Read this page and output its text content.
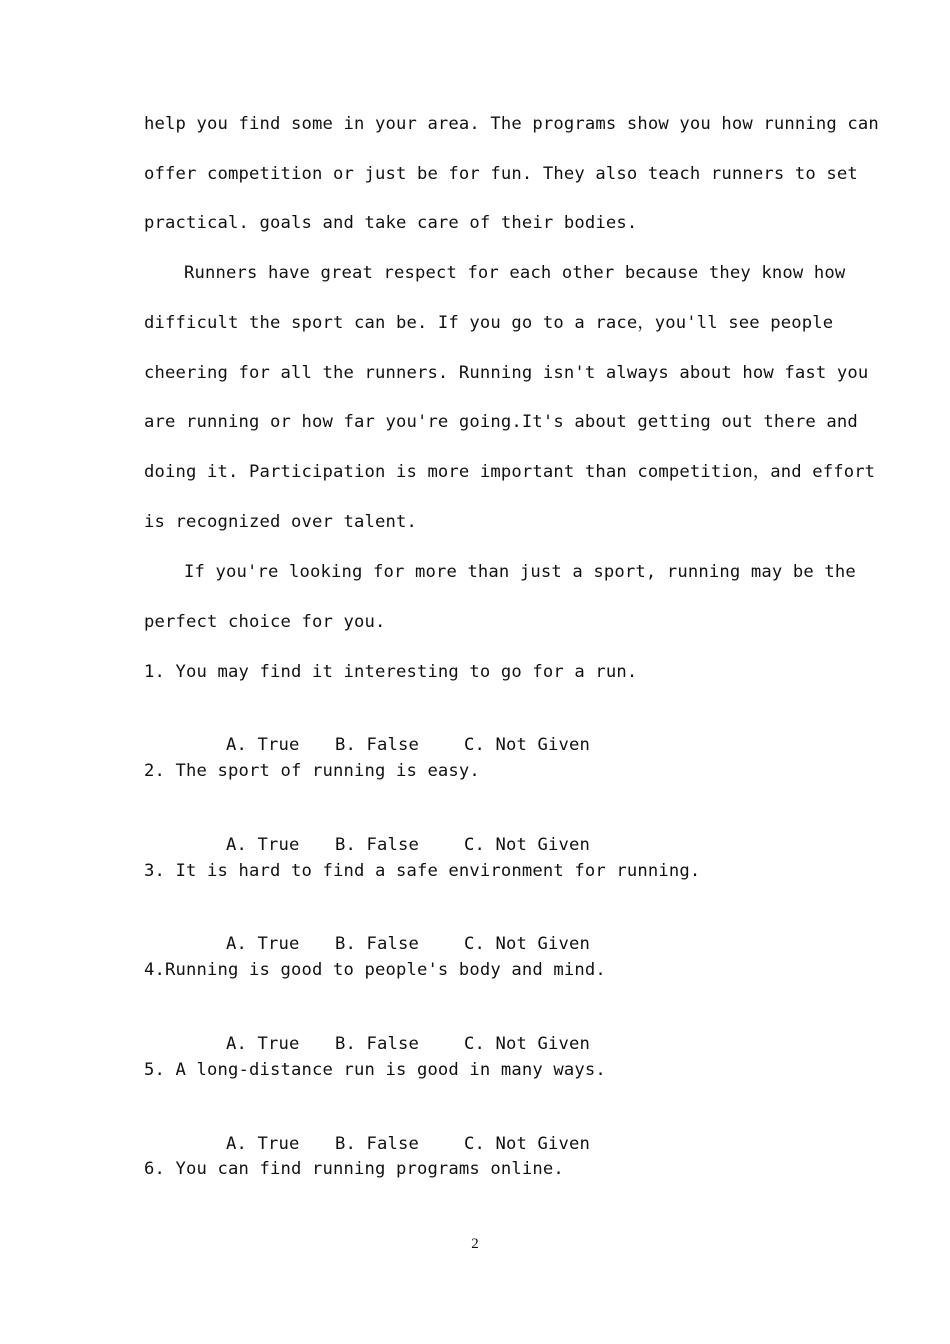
help you find some in your area. The programs show you how running can
offer competition or just be for fun. They also teach runners to set
practical. goals and take care of their bodies.
Runners have great respect for each other because they know how
difficult the sport can be. If you go to a race，you'll see people
cheering for all the runners. Running isn't always about how fast you
are running or how far you're going.It's about getting out there and
doing it. Participation is more important than competition，and effort
is recognized over talent.
If you're looking for more than just a sport, running may be the
perfect choice for you.
1. You may find it interesting to go for a run.

A. True B. False	C. Not Given

2. The sport of running is easy.

A. True B. False	C. Not Given

3. It is hard to find a safe environment for running.

A. True B. False	C. Not Given

4.Running is good to people's body and mind.

A. True B. False	C. Not Given

5. A long-distance run is good in many ways.

A. True B. False	C. Not Given

6. You can find running programs online.
2
